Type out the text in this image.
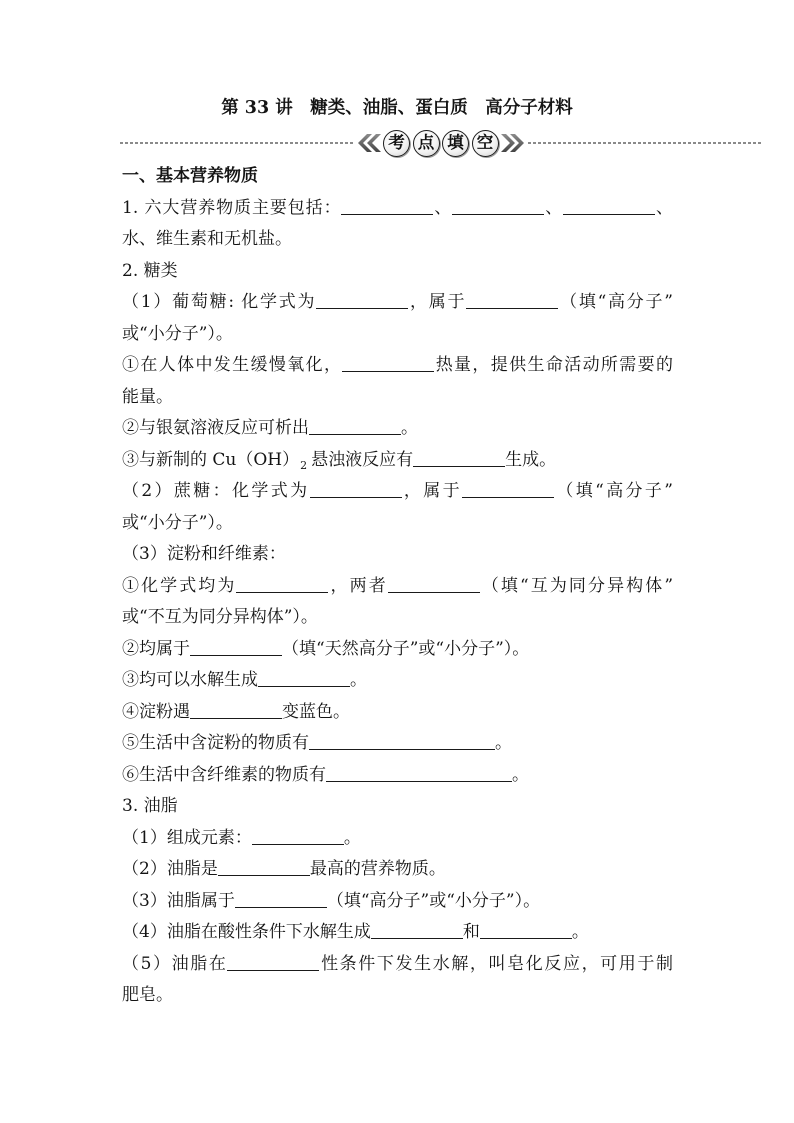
第 33 讲　糖类、油脂、蛋白质　高分子材料
考 点 填 空
一、基本营养物质
1. 六大营养物质主要包括：	、	、	、
水、维生素和无机盐。
2. 糖类
（1）葡萄糖: 化学式为	，属于	（填“高分子”
或“小分子”）。
①在人体中发生缓慢氧化，	热量，提供生命活动所需要的
能量。
②与银氨溶液反应可析出	。
③与新制的 $Cu(OH)_2$ 悬浊液反应有	生成。
（2）蔗糖：化学式为	，属于	（填“高分子”
或“小分子”）。
（3）淀粉和纤维素：
①化学式均为	，两者	（填“互为同分异构体”
或“不互为同分异构体”）。
②均属于	（填“天然高分子”或“小分子”）。
③均可以水解生成	。
④淀粉遇	变蓝色。
⑤生活中含淀粉的物质有	。
⑥生活中含纤维素的物质有	。
3. 油脂
（1）组成元素：	。
（2）油脂是	最高的营养物质。
（3）油脂属于	（填“高分子”或“小分子”）。
（4）油脂在酸性条件下水解生成	和	。
（5）油脂在	性条件下发生水解，叫皂化反应，可用于制
肥皂。
